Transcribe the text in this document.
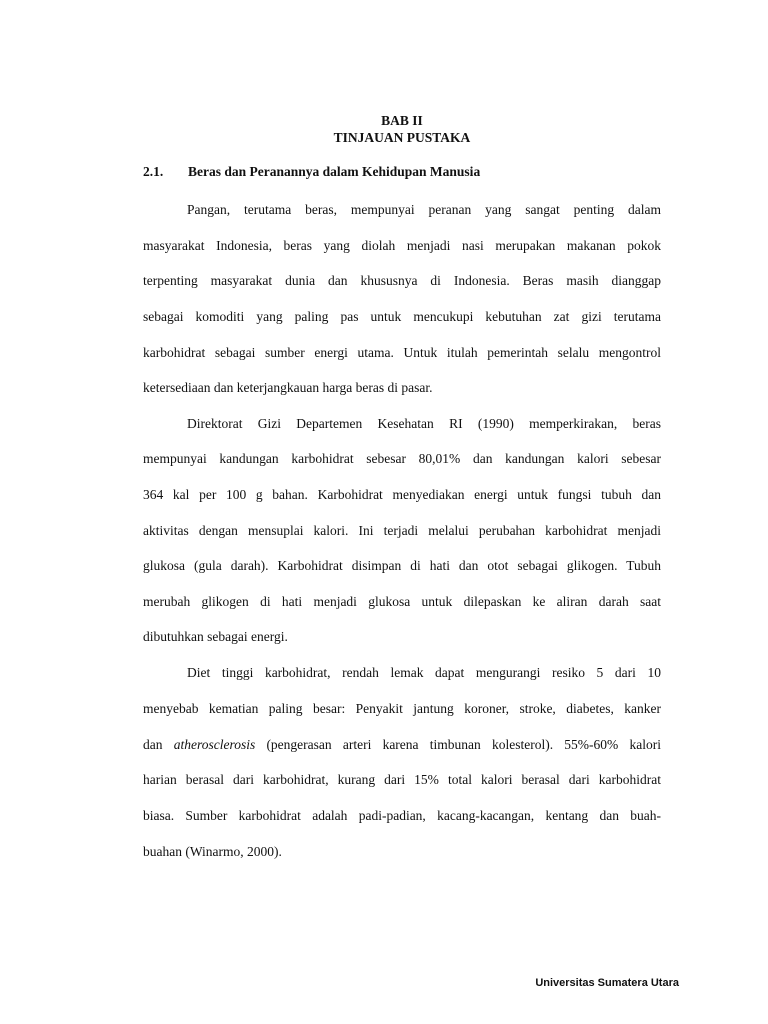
BAB II
TINJAUAN PUSTAKA
2.1. Beras dan Peranannya dalam Kehidupan Manusia
Pangan, terutama beras, mempunyai peranan yang sangat penting dalam
masyarakat Indonesia, beras yang diolah menjadi nasi merupakan makanan pokok
terpenting masyarakat dunia dan khususnya di Indonesia. Beras masih dianggap
sebagai komoditi yang paling pas untuk mencukupi kebutuhan zat gizi terutama
karbohidrat sebagai sumber energi utama. Untuk itulah pemerintah selalu mengontrol
ketersediaan dan keterjangkauan harga beras di pasar.
Direktorat Gizi Departemen Kesehatan RI (1990) memperkirakan, beras
mempunyai kandungan karbohidrat sebesar 80,01% dan kandungan kalori sebesar
364 kal per 100 g bahan. Karbohidrat menyediakan energi untuk fungsi tubuh dan
aktivitas dengan mensuplai kalori. Ini terjadi melalui perubahan karbohidrat menjadi
glukosa (gula darah). Karbohidrat disimpan di hati dan otot sebagai glikogen. Tubuh
merubah glikogen di hati menjadi glukosa untuk dilepaskan ke aliran darah saat
dibutuhkan sebagai energi.
Diet tinggi karbohidrat, rendah lemak dapat mengurangi resiko 5 dari 10
menyebab kematian paling besar: Penyakit jantung koroner, stroke, diabetes, kanker
dan atherosclerosis (pengerasan arteri karena timbunan kolesterol). 55%-60% kalori
harian berasal dari karbohidrat, kurang dari 15% total kalori berasal dari karbohidrat
biasa. Sumber karbohidrat adalah padi-padian, kacang-kacangan, kentang dan buah-
buahan (Winarmo, 2000).
Universitas Sumatera Utara
